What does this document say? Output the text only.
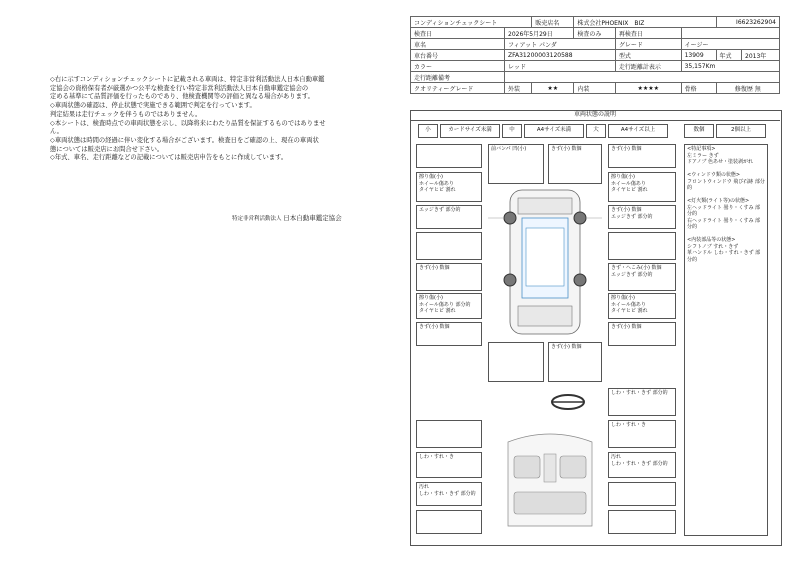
◇右に示すコンディションチェックシートに記載される車両は、特定非営利活動法人日本自動車鑑
定協会の資格保有者が厳選かつ公平な検査を行い特定非営利活動法人日本自動車鑑定協会の
定める基準にて品質評価を行ったものであり、他検査機関等の評価と異なる場合があります。
◇車両状態の確認は、停止状態で実施できる範囲で判定を行っています。
判定結果は走行チェックを伴うものではありません。
◇本シートは、検査時点での車両状態を示し、以降将来にわたり品質を保証するものではありませ
ん。
◇車両状態は時間の経過に伴い変化する場合がございます。検査日をご確認の上、現在の車両状
態については販売店にお問合せ下さい。
◇年式、車名、走行距離などの記載については販売店申告をもとに作成しています。
特定非営利活動法人 日本自動車鑑定協会
コンディションチェックシート		販売店名	株式会社PHOENIX　BIZ			I6623262904	
検査日	2026年5月29日		検査のみ	再検査日			
車名	フィアット パンダ			グレード	イージー		
車台番号	ZFA31200003120588			型式	13909	年式	2013年
カラー	レッド			走行距離計表示	35,157Km		
走行距離備考							
クオリティーグレード	外装	★★	内装	★★★★	骨格	修復歴 無	
車両状態の説明
小	カードサイズ未満	中	A4サイズ未満	大	A4サイズ以上	数個	2個以上
前バンパ 凹(小)	きず(小) 数個	きず(小) 数個
擦り傷(小)
ホイール傷あり
タイヤヒビ 割れ
擦り傷(小)
ホイール傷あり
タイヤヒビ 割れ
エッジきず 部分的	きず(小) 数個
エッジきず 部分的
きず(小) 数個	きず・へこみ(小) 数個
エッジきず 部分的
擦り傷(小)
ホイール傷あり 部分的
タイヤヒビ 割れ
擦り傷(小)
ホイール傷あり
タイヤヒビ 割れ
きず(小) 数個	きず(小) 数個
きず(小) 数個
<特記事項>
左ミラー きず
ドアノブ 色あせ・塗装剥がれ

<ウィンドウ類の状態>
フロントウィンドウ 飛び石跡 部分的

<灯火類(ライト等)の状態>
左ヘッドライト 曇り・くすみ 部分的
右ヘッドライト 曇り・くすみ 部分的

<内装部品等の状態>
シフトノブ すれ・きず
革ハンドル しわ・すれ・きず 部分的
しわ・すれ・きず 部分的
しわ・すれ・き
しわ・すれ・き	汚れ
しわ・すれ・きず 部分的
汚れ
しわ・すれ・きず 部分的
